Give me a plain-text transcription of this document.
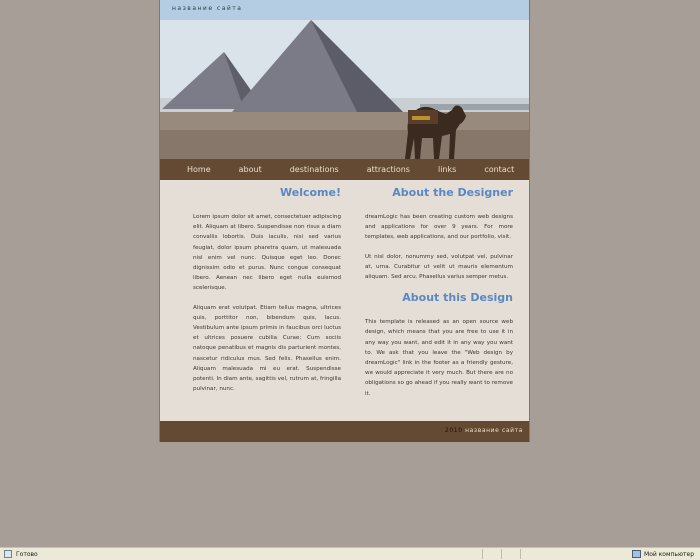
название сайта
Home	about	destinations	attractions	links	contact
Welcome!

Lorem ipsum dolor sit amet, consectetuer adipiscing elit. Aliquam at libero. Suspendisse non risus a diam convallis lobortis. Duis iaculis, nisi sed varius feugiat, dolor ipsum pharetra quam, ut malesuada nisl enim vel nunc. Quisque eget leo. Donec dignissim odio et purus. Nunc congue consequat libero. Aenean nec libero eget nulla euismod scelerisque.

Aliquam erat volutpat. Etiam tellus magna, ultrices quis, porttitor non, bibendum quis, lacus. Vestibulum ante ipsum primis in faucibus orci luctus et ultrices posuere cubilia Curae; Cum sociis natoque penatibus et magnis dis parturient montes, nascetur ridiculus mus. Sed felis. Phasellus enim. Aliquam malesuada mi eu erat. Suspendisse potenti. In diam ante, sagittis vel, rutrum at, fringilla pulvinar, nunc.

About the Designer

dreamLogic has been creating custom web designs and applications for over 9 years. For more templates, web applications, and our portfolio, visit.

Ut nisl dolor, nonummy sed, volutpat vel, pulvinar at, urna. Curabitur ut velit ut mauris elementum aliquam. Sed arcu. Phasellus varius semper metus.

About this Design

This template is released as an open source web design, which means that you are free to use it in any way you want, and edit it in any way you want to. We ask that you leave the "Web design by dreamLogic" link in the footer as a friendly gesture, we would appreciate it very much. But there are no obligations so go ahead if you really want to remove it.

2010 название сайта
Готово	Мой компьютер
